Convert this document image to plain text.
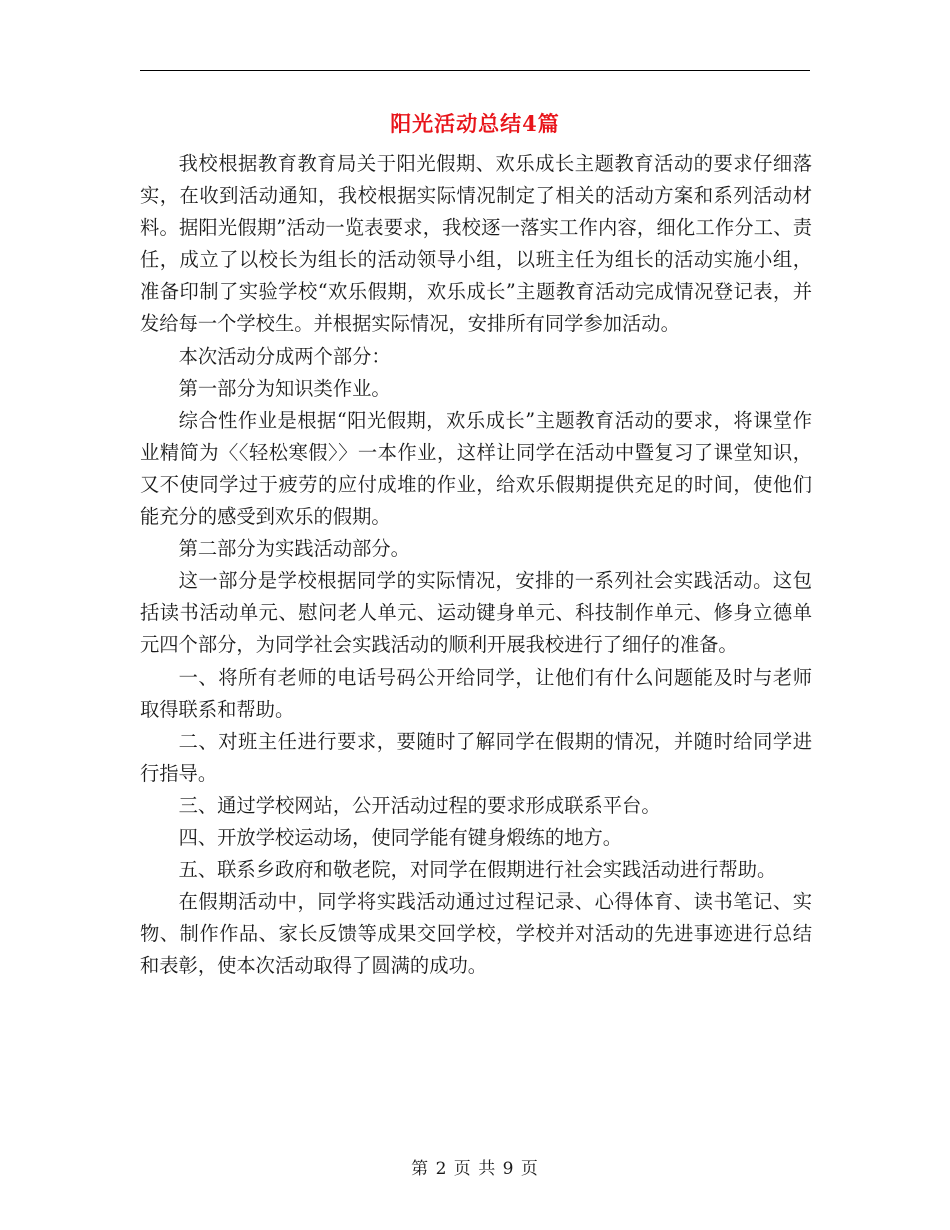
阳光活动总结4篇

我校根据教育教育局关于阳光假期、欢乐成长主题教育活动的要求仔细落实，在收到活动通知，我校根据实际情况制定了相关的活动方案和系列活动材料。据阳光假期”活动一览表要求，我校逐一落实工作内容，细化工作分工、责任，成立了以校长为组长的活动领导小组，以班主任为组长的活动实施小组，准备印制了实验学校“欢乐假期，欢乐成长”主题教育活动完成情况登记表，并发给每一个学校生。并根据实际情况，安排所有同学参加活动。

本次活动分成两个部分：

第一部分为知识类作业。

综合性作业是根据“阳光假期，欢乐成长”主题教育活动的要求，将课堂作业精简为〈〈轻松寒假〉〉一本作业，这样让同学在活动中暨复习了课堂知识，又不使同学过于疲劳的应付成堆的作业，给欢乐假期提供充足的时间，使他们能充分的感受到欢乐的假期。

第二部分为实践活动部分。

这一部分是学校根据同学的实际情况，安排的一系列社会实践活动。这包括读书活动单元、慰问老人单元、运动键身单元、科技制作单元、修身立德单元四个部分，为同学社会实践活动的顺利开展我校进行了细仔的准备。

一、将所有老师的电话号码公开给同学，让他们有什么问题能及时与老师取得联系和帮助。

二、对班主任进行要求，要随时了解同学在假期的情况，并随时给同学进行指导。

三、通过学校网站，公开活动过程的要求形成联系平台。

四、开放学校运动场，使同学能有键身煅练的地方。

五、联系乡政府和敬老院，对同学在假期进行社会实践活动进行帮助。

在假期活动中，同学将实践活动通过过程记录、心得体育、读书笔记、实物、制作作品、家长反馈等成果交回学校，学校并对活动的先进事迹进行总结和表彰，使本次活动取得了圆满的成功。

第 2 页 共 9 页
